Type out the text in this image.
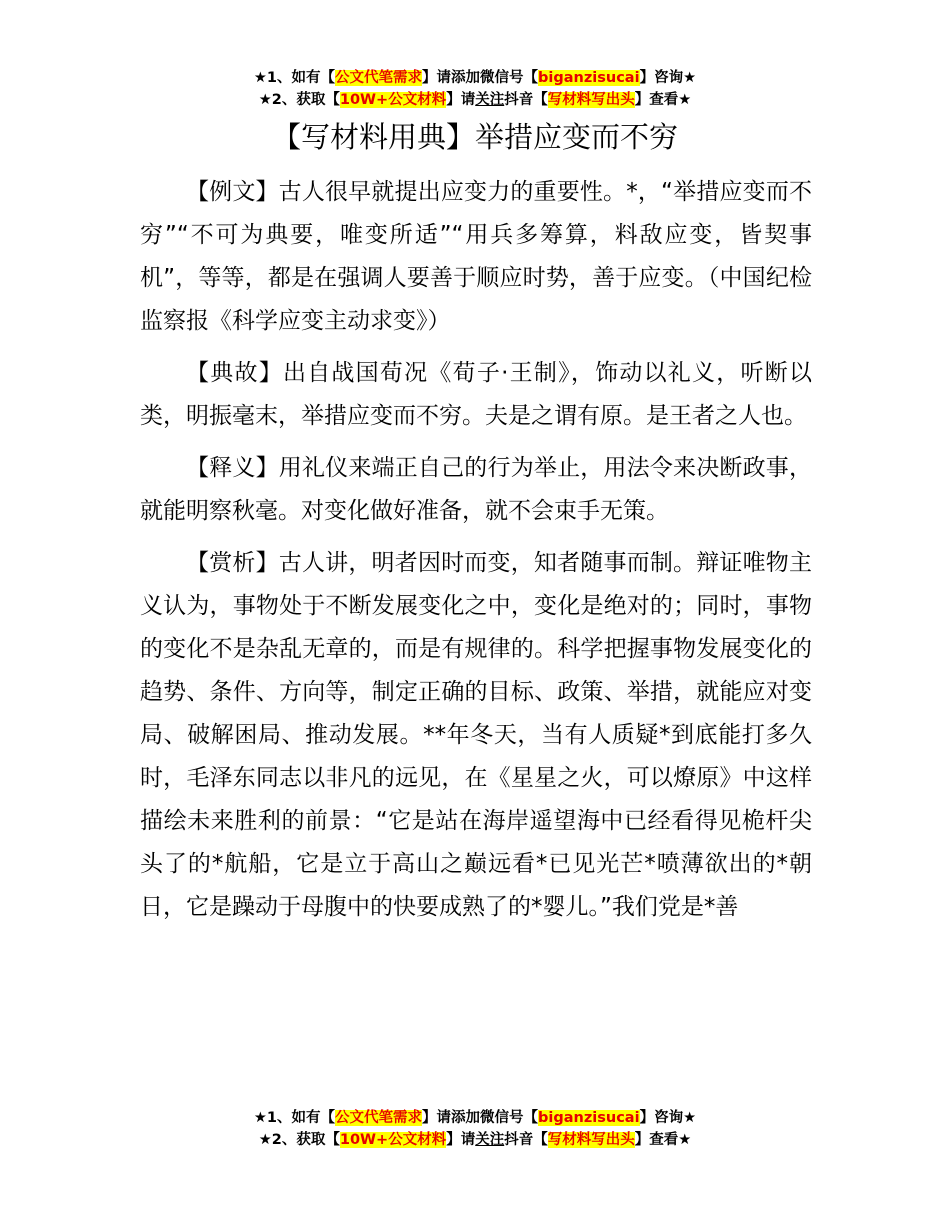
★1、如有【公文代笔需求】请添加微信号【biganzisucai】咨询★
★2、获取【10W+公文材料】请关注抖音【写材料写出头】查看★
【写材料用典】举措应变而不穷

【例文】古人很早就提出应变力的重要性。*，“举措应变而不穷”“不可为典要，唯变所适”“用兵多筹算，料敌应变，皆契事机”，等等，都是在强调人要善于顺应时势，善于应变。（中国纪检监察报《科学应变主动求变》）

【典故】出自战国荀况《荀子·王制》，饰动以礼义，听断以类，明振毫末，举措应变而不穷。夫是之谓有原。是王者之人也。

【释义】用礼仪来端正自己的行为举止，用法令来决断政事，就能明察秋毫。对变化做好准备，就不会束手无策。

【赏析】古人讲，明者因时而变，知者随事而制。辩证唯物主义认为，事物处于不断发展变化之中，变化是绝对的；同时，事物的变化不是杂乱无章的，而是有规律的。科学把握事物发展变化的趋势、条件、方向等，制定正确的目标、政策、举措，就能应对变局、破解困局、推动发展。**年冬天，当有人质疑*到底能打多久时，毛泽东同志以非凡的远见，在《星星之火，可以燎原》中这样描绘未来胜利的前景：“它是站在海岸遥望海中已经看得见桅杆尖头了的*航船，它是立于高山之巅远看*已见光芒*喷薄欲出的*朝日，它是躁动于母腹中的快要成熟了的*婴儿。”我们党是*善

★1、如有【公文代笔需求】请添加微信号【biganzisucai】咨询★
★2、获取【10W+公文材料】请关注抖音【写材料写出头】查看★
